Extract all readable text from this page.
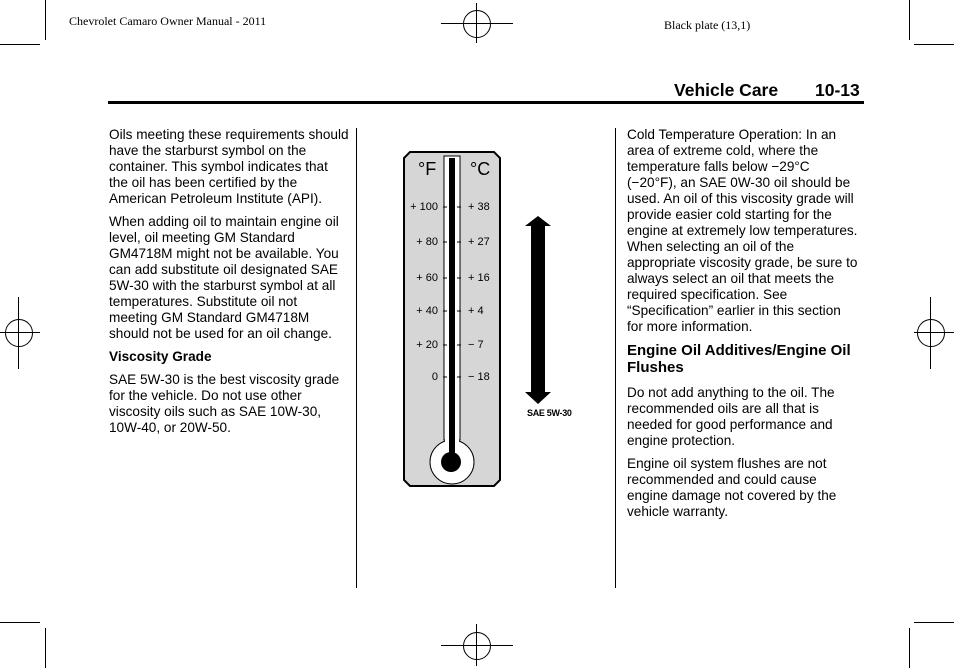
Chevrolet Camaro Owner Manual - 2011	Black plate (13,1)
Vehicle Care 10-13

Oils meeting these requirements should have the starburst symbol on the container. This symbol indicates that the oil has been certified by the American Petroleum Institute (API).

When adding oil to maintain engine oil level, oil meeting GM Standard GM4718M might not be available. You can add substitute oil designated SAE 5W-30 with the starburst symbol at all temperatures. Substitute oil not meeting GM Standard GM4718M should not be used for an oil change.

Viscosity Grade

SAE 5W-30 is the best viscosity grade for the vehicle. Do not use other viscosity oils such as SAE 10W-30, 10W-40, or 20W-50.

°F °C
+ 100
+ 80
+ 60
+ 40
+ 20
0
+ 38
+ 27
+ 16
+ 4
− 7
− 18
SAE 5W-30

Cold Temperature Operation: In an area of extreme cold, where the temperature falls below −29°C (−20°F), an SAE 0W-30 oil should be used. An oil of this viscosity grade will provide easier cold starting for the engine at extremely low temperatures. When selecting an oil of the appropriate viscosity grade, be sure to always select an oil that meets the required specification. See “Specification” earlier in this section for more information.

Engine Oil Additives/Engine Oil Flushes

Do not add anything to the oil. The recommended oils are all that is needed for good performance and engine protection.

Engine oil system flushes are not recommended and could cause engine damage not covered by the vehicle warranty.
